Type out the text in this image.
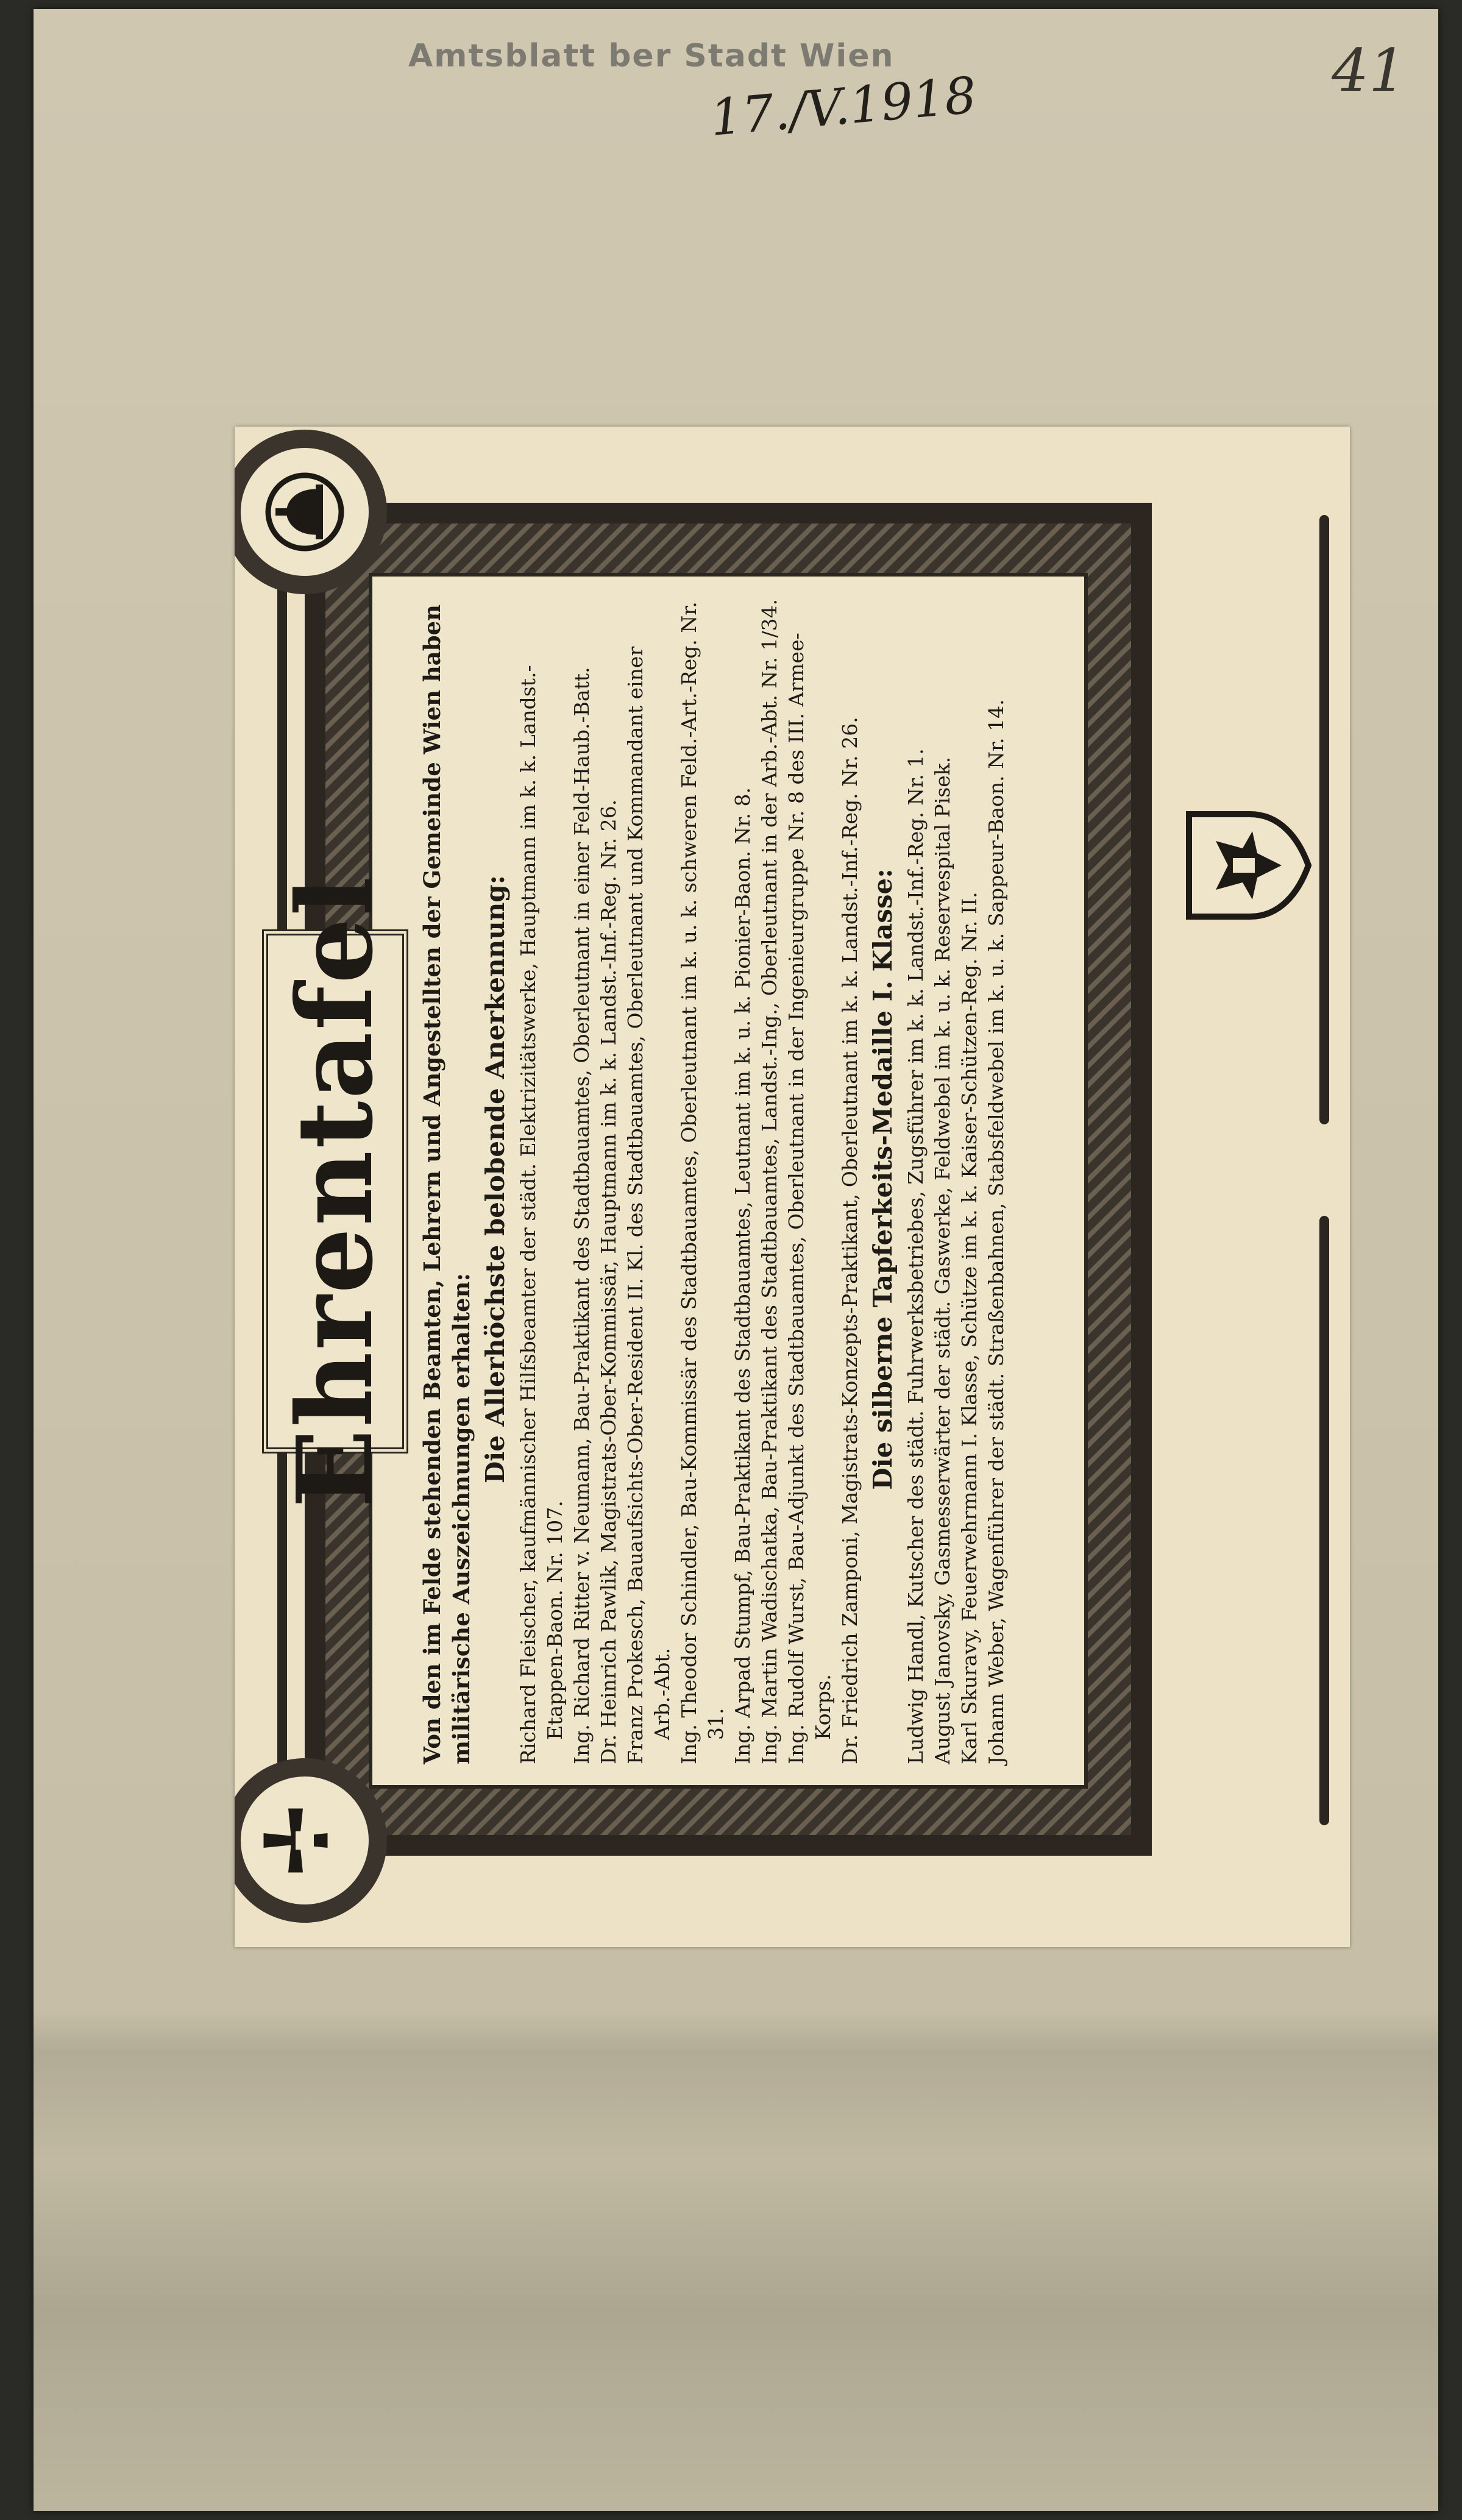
Amtsblatt ber Stadt Wien
17./V.1918	41
Ehrentafel Von den im Felde stehenden Beamten, Lehrern und Angestellten der Gemeinde Wien haben militärische Auszeichnungen erhalten:

Die Allerhöchste belobende Anerkennung: Richard Fleischer, kaufmännischer Hilfsbeamter der städt. Elektrizitätswerke, Hauptmann im k. k. Landst.-Etappen-Baon. Nr. 107. Ing. Richard Ritter v. Neumann, Bau-Praktikant des Stadtbauamtes, Oberleutnant in einer Feld-Haub.-Batt. Dr. Heinrich Pawlik, Magistrats-Ober-Kommissär, Hauptmann im k. k. Landst.-Inf.-Reg. Nr. 26. Franz Prokesch, Bauaufsichts-Ober-Resident II. Kl. des Stadtbauamtes, Oberleutnant und Kommandant einer Arb.-Abt. Ing. Theodor Schindler, Bau-Kommissär des Stadtbauamtes, Oberleutnant im k. u. k. schweren Feld.-Art.-Reg. Nr. 31. Ing. Arpad Stumpf, Bau-Praktikant des Stadtbauamtes, Leutnant im k. u. k. Pionier-Baon. Nr. 8. Ing. Martin Wadischatka, Bau-Praktikant des Stadtbauamtes, Landst.-Ing., Oberleutnant in der Arb.-Abt. Nr. 1/34. Ing. Rudolf Wurst, Bau-Adjunkt des Stadtbauamtes, Oberleutnant in der Ingenieurgruppe Nr. 8 des III. Armee-Korps. Dr. Friedrich Zamponi, Magistrats-Konzepts-Praktikant, Oberleutnant im k. k. Landst.-Inf.-Reg. Nr. 26. Die silberne Tapferkeits-Medaille I. Klasse: Ludwig Handl, Kutscher des städt. Fuhrwerksbetriebes, Zugsführer im k. k. Landst.-Inf.-Reg. Nr. 1. August Janovsky, Gasmesserwärter der städt. Gaswerke, Feldwebel im k. u. k. Reservespital Pisek. Karl Skuravy, Feuerwehrmann I. Klasse, Schütze im k. k. Kaiser-Schützen-Reg. Nr. II. Johann Weber, Wagenführer der städt. Straßenbahnen, Stabsfeldwebel im k. u. k. Sappeur-Baon. Nr. 14.
